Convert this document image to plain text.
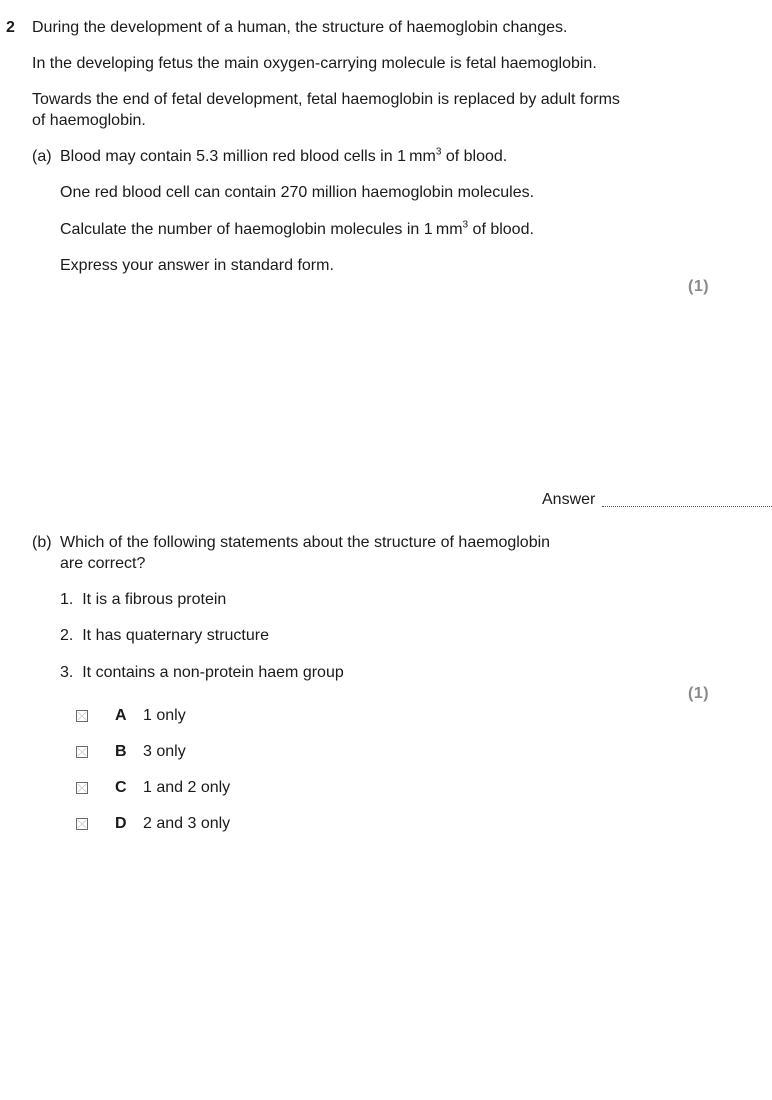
2 During the development of a human, the structure of haemoglobin changes.
In the developing fetus the main oxygen-carrying molecule is fetal haemoglobin.
Towards the end of fetal development, fetal haemoglobin is replaced by adult forms
of haemoglobin.
(a) Blood may contain 5.3 million red blood cells in 1 $mm^3$ of blood.
One red blood cell can contain 270 million haemoglobin molecules.
Calculate the number of haemoglobin molecules in 1 $mm^3$ of blood.
Express your answer in standard form.
(1)
Answer
(b) Which of the following statements about the structure of haemoglobin
are correct?
1.  It is a fibrous protein
2.  It has quaternary structure
3.  It contains a non-protein haem group
(1)
A 1 only
B 3 only
C 1 and 2 only
D 2 and 3 only
